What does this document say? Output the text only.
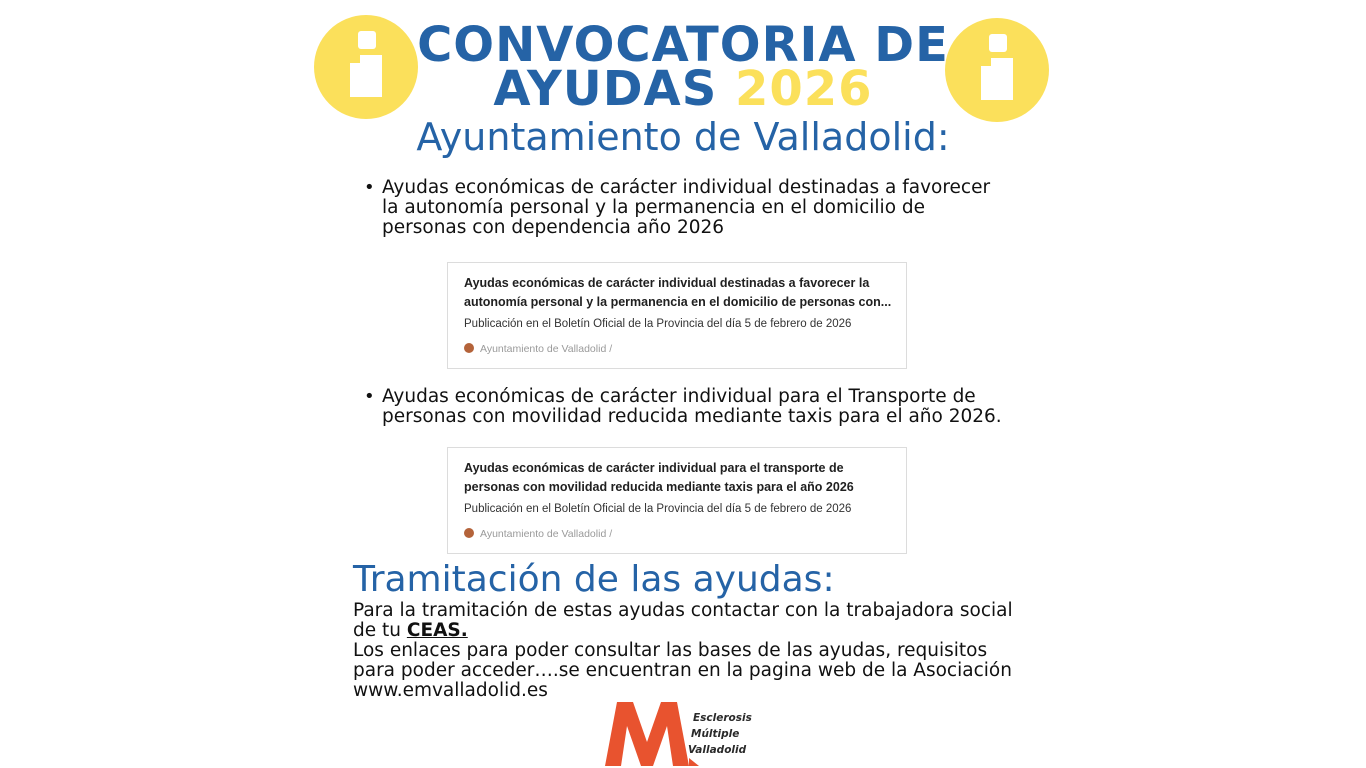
CONVOCATORIA DE
AYUDAS 2026
Ayuntamiento de Valladolid:
• Ayudas económicas de carácter individual destinadas a favorecer la autonomía personal y la permanencia en el domicilio de personas con dependencia año 2026
Ayudas económicas de carácter individual destinadas a favorecer la autonomía personal y la permanencia en el domicilio de personas con...
Publicación en el Boletín Oficial de la Provincia del día 5 de febrero de 2026
Ayuntamiento de Valladolid /
• Ayudas económicas de carácter individual para el Transporte de personas con movilidad reducida mediante taxis para el año 2026.
Ayudas económicas de carácter individual para el transporte de personas con movilidad reducida mediante taxis para el año 2026
Publicación en el Boletín Oficial de la Provincia del día 5 de febrero de 2026
Ayuntamiento de Valladolid /
Tramitación de las ayudas:
Para la tramitación de estas ayudas contactar con la trabajadora social de tu CEAS.
Los enlaces para poder consultar las bases de las ayudas, requisitos para poder acceder….se encuentran en la pagina web de la Asociación www.emvalladolid.es
Esclerosis
Múltiple
Valladolid
